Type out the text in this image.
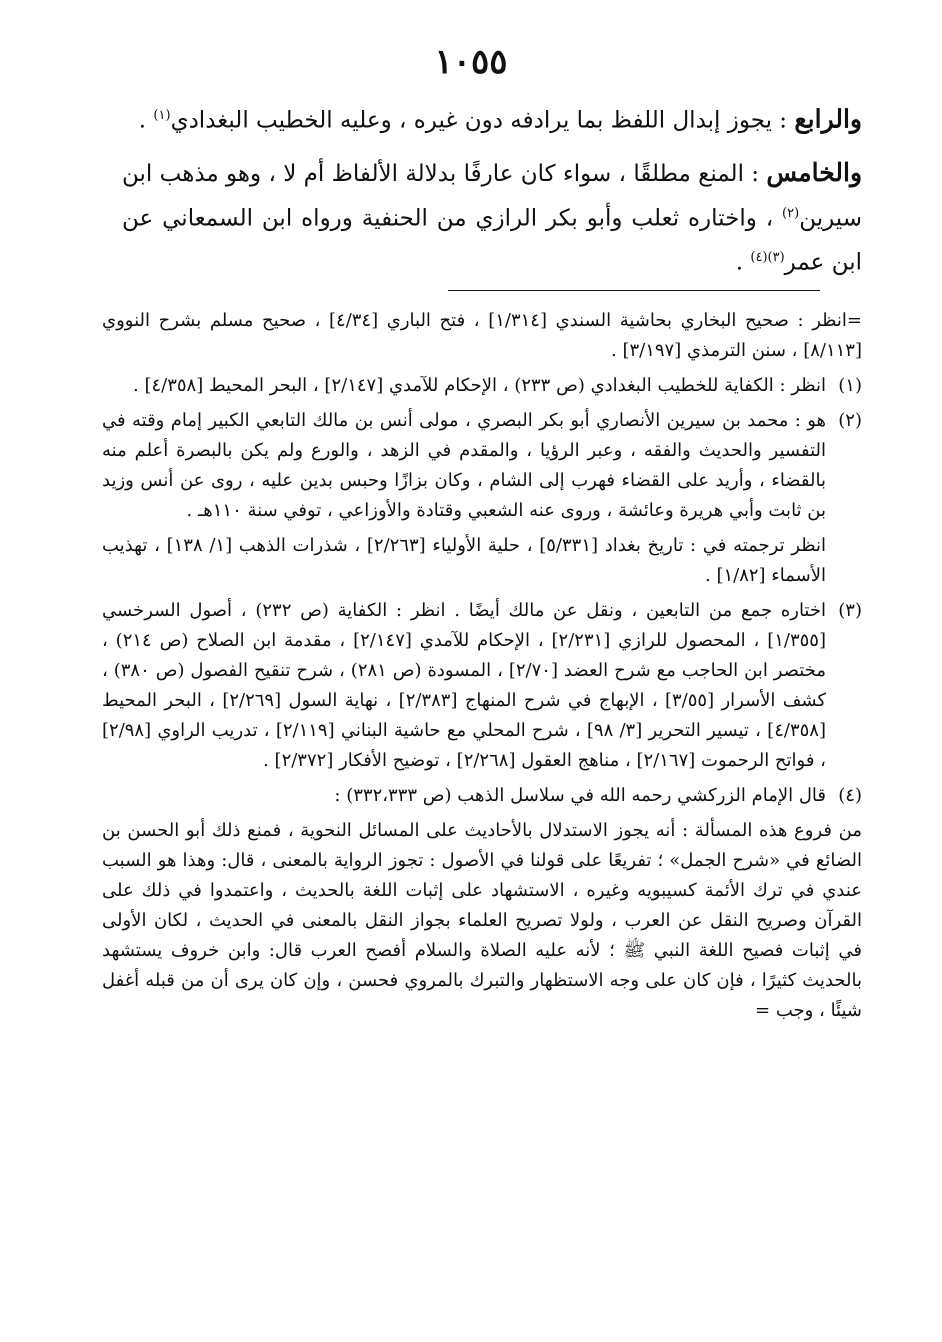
١٠٥٥

والرابع : يجوز إبدال اللفظ بما يرادفه دون غيره ، وعليه الخطيب البغدادي$^{(١)}$ .

والخامس : المنع مطلقًا ، سواء كان عارفًا بدلالة الألفاظ أم لا ، وهو مذهب ابن سيرين$^{(٢)}$ ، واختاره ثعلب وأبو بكر الرازي من الحنفية ورواه ابن السمعاني عن ابن عمر$^{(٣)(٤)}$ .

=انظر : صحيح البخاري بحاشية السندي [١/٣١٤] ، فتح الباري [٤/٣٤] ، صحيح مسلم بشرح النووي [٨/١١٣] ، سنن الترمذي [٣/١٩٧] .

(١)

انظر : الكفاية للخطيب البغدادي (ص ٢٣٣) ، الإحكام للآمدي [٢/١٤٧] ، البحر المحيط [٤/٣٥٨] .

(٢)

هو : محمد بن سيرين الأنصاري أبو بكر البصري ، مولى أنس بن مالك التابعي الكبير إمام وقته في التفسير والحديث والفقه ، وعبر الرؤيا ، والمقدم في الزهد ، والورع ولم يكن بالبصرة أعلم منه بالقضاء ، وأريد على القضاء فهرب إلى الشام ، وكان بزازًا وحبس بدين عليه ، روى عن أنس وزيد بن ثابت وأبي هريرة وعائشة ، وروى عنه الشعبي وقتادة والأوزاعي ، توفي سنة ١١٠هـ .

انظر ترجمته في : تاريخ بغداد [٥/٣٣١] ، حلية الأولياء [٢/٢٦٣] ، شذرات الذهب [١/ ١٣٨] ، تهذيب الأسماء [١/٨٢] .

(٣)

اختاره جمع من التابعين ، ونقل عن مالك أيضًا . انظر : الكفاية (ص ٢٣٢) ، أصول السرخسي [١/٣٥٥] ، المحصول للرازي [٢/٢٣١] ، الإحكام للآمدي [٢/١٤٧] ، مقدمة ابن الصلاح (ص ٢١٤) ، مختصر ابن الحاجب مع شرح العضد [٢/٧٠] ، المسودة (ص ٢٨١) ، شرح تنقيح الفصول (ص ٣٨٠) ، كشف الأسرار [٣/٥٥] ، الإبهاج في شرح المنهاج [٢/٣٨٣] ، نهاية السول [٢/٢٦٩] ، البحر المحيط [٤/٣٥٨] ، تيسير التحرير [٣/ ٩٨] ، شرح المحلي مع حاشية البناني [٢/١١٩] ، تدريب الراوي [٢/٩٨] ، فواتح الرحموت [٢/١٦٧] ، مناهج العقول [٢/٢٦٨] ، توضيح الأفكار [٢/٣٧٢] .

(٤)

قال الإمام الزركشي رحمه الله في سلاسل الذهب (ص ٣٣٢،٣٣٣) :

من فروع هذه المسألة : أنه يجوز الاستدلال بالأحاديث على المسائل النحوية ، فمنع ذلك أبو الحسن بن الضائع في «شرح الجمل» ؛ تفريعًا على قولنا في الأصول : تجوز الرواية بالمعنى ، قال: وهذا هو السبب عندي في ترك الأئمة كسيبويه وغيره ، الاستشهاد على إثبات اللغة بالحديث ، واعتمدوا في ذلك على القرآن وصريح النقل عن العرب ، ولولا تصريح العلماء بجواز النقل بالمعنى في الحديث ، لكان الأولى في إثبات فصيح اللغة النبي ﷺ ؛ لأنه عليه الصلاة والسلام أفصح العرب قال: وابن خروف يستشهد بالحديث كثيرًا ، فإن كان على وجه الاستظهار والتبرك بالمروي فحسن ، وإن كان يرى أن من قبله أغفل شيئًا ، وجب =
